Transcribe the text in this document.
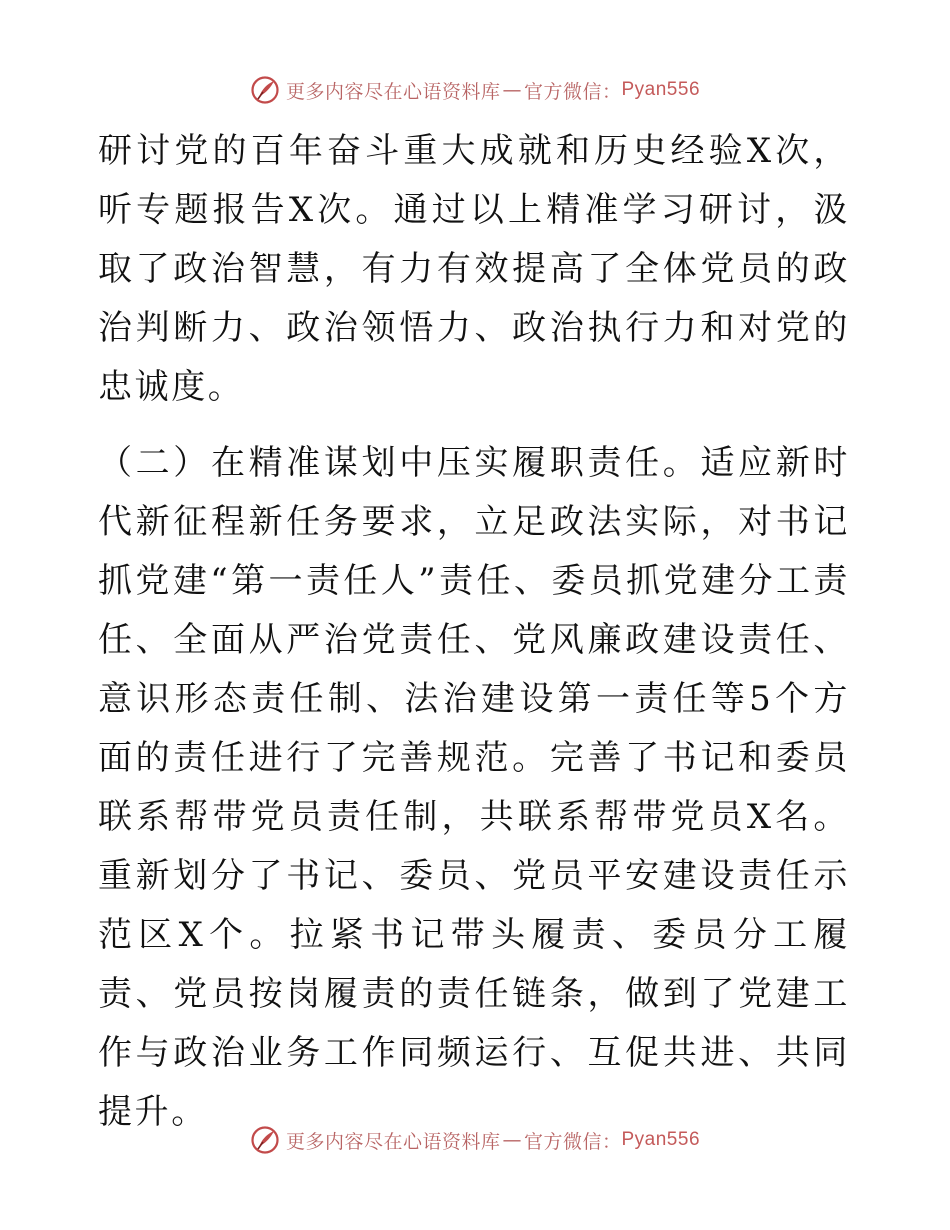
更多内容尽在心语资料库 — 官方微信： Pyan556

研讨党的百年奋斗重大成就和历史经验X次，听专题报告X次。通过以上精准学习研讨，汲取了政治智慧，有力有效提高了全体党员的政治判断力、政治领悟力、政治执行力和对党的忠诚度。

（二）在精准谋划中压实履职责任。适应新时代新征程新任务要求，立足政法实际，对书记抓党建“第一责任人”责任、委员抓党建分工责任、全面从严治党责任、党风廉政建设责任、意识形态责任制、法治建设第一责任等5个方面的责任进行了完善规范。完善了书记和委员联系帮带党员责任制，共联系帮带党员X名。重新划分了书记、委员、党员平安建设责任示范区X个。拉紧书记带头履责、委员分工履责、党员按岗履责的责任链条，做到了党建工作与政治业务工作同频运行、互促共进、共同提升。

更多内容尽在心语资料库 — 官方微信： Pyan556
